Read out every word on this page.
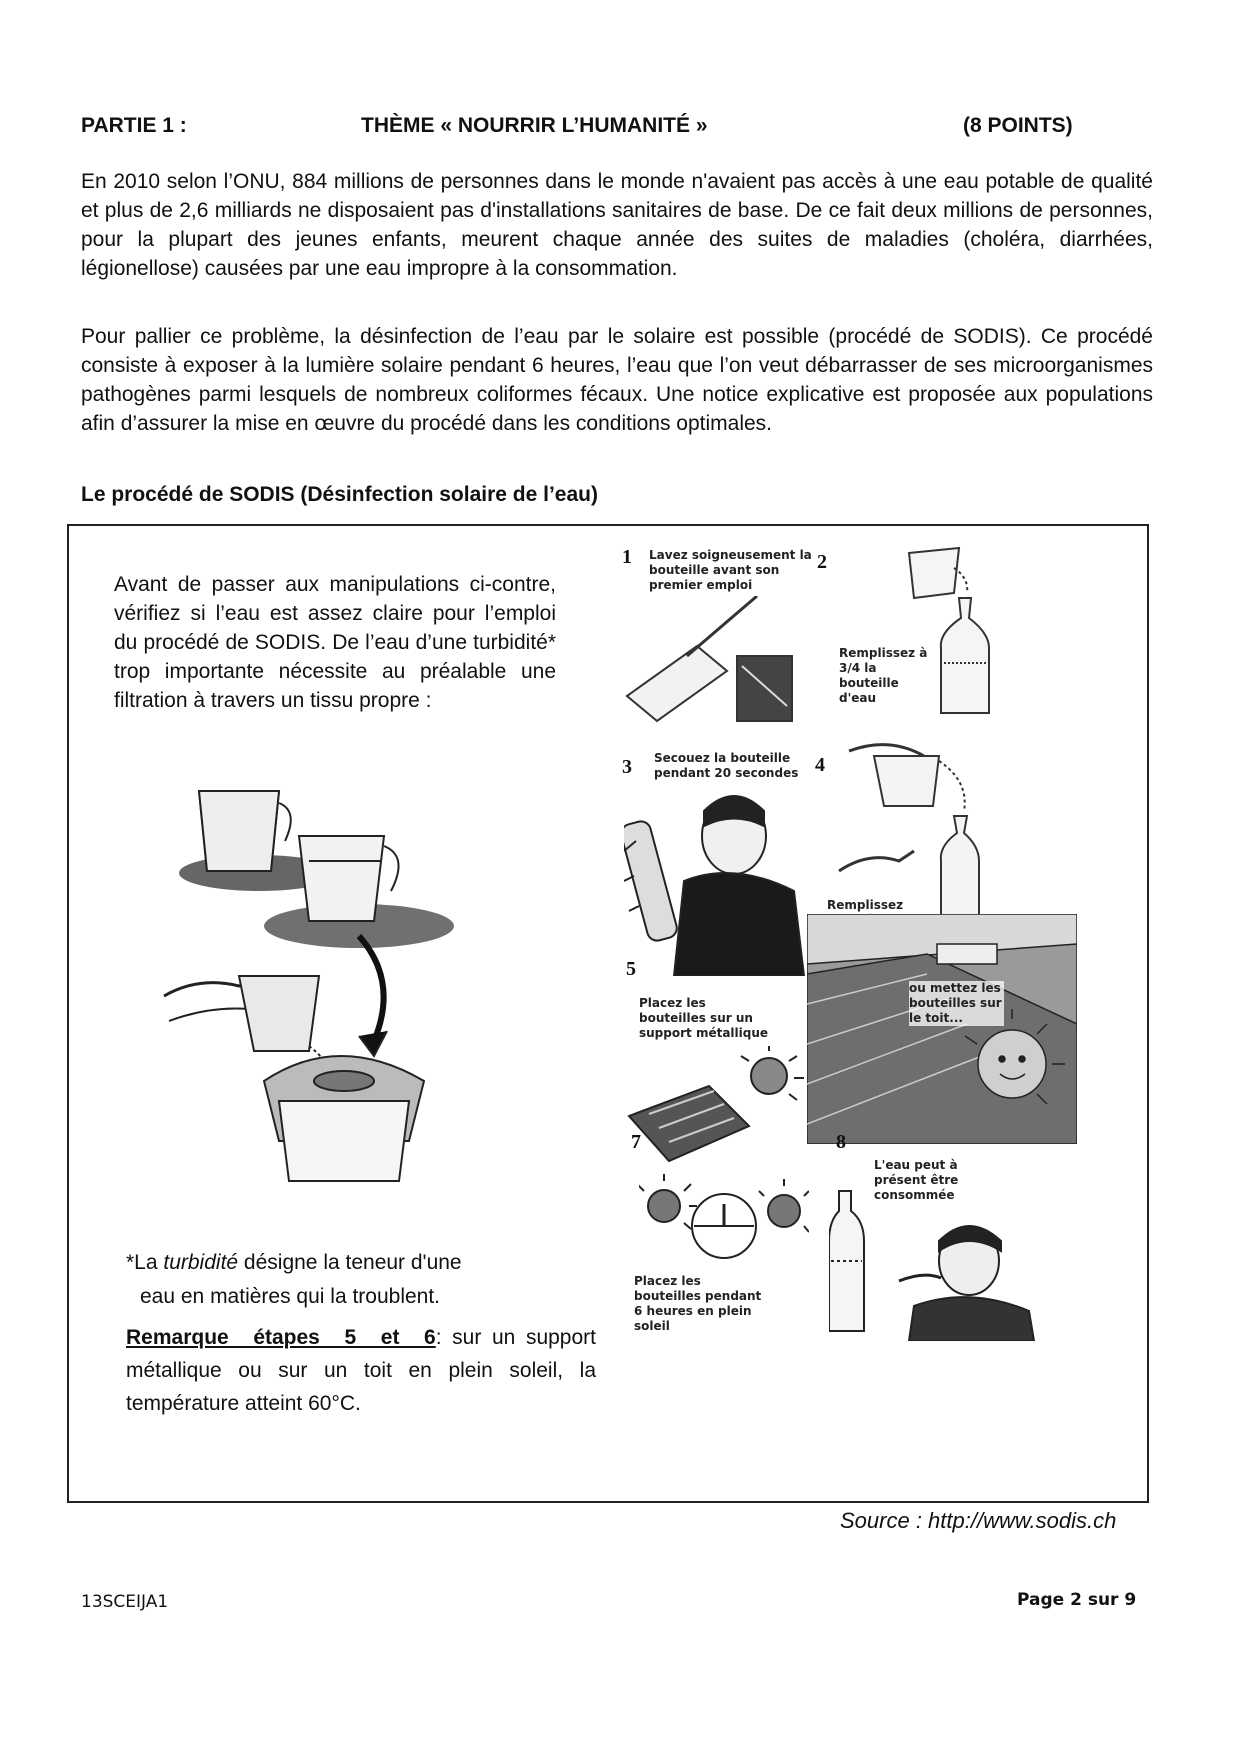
PARTIE 1 :	THÈME « NOURRIR L’HUMANITÉ »	(8 POINTS)

En 2010 selon l’ONU, 884 millions de personnes dans le monde n'avaient pas accès à une eau potable de qualité et plus de 2,6 milliards ne disposaient pas d'installations sanitaires de base. De ce fait deux millions de personnes, pour la plupart des jeunes enfants, meurent chaque année des suites de maladies (choléra, diarrhées, légionellose) causées par une eau impropre à la consommation.

Pour pallier ce problème, la désinfection de l’eau par le solaire est possible (procédé de SODIS). Ce procédé consiste à exposer à la lumière solaire pendant 6 heures, l’eau que l’on veut débarrasser de ses microorganismes pathogènes parmi lesquels de nombreux coliformes fécaux. Une notice explicative est proposée aux populations afin d’assurer la mise en œuvre du procédé dans les conditions optimales.

Le procédé de SODIS (Désinfection solaire de l’eau)

Avant de passer aux manipulations ci-contre, vérifiez si l’eau est assez claire pour l’emploi du procédé de SODIS. De l’eau d’une turbidité* trop importante nécessite au préalable une filtration à travers un tissu propre :

*La turbidité désigne la teneur d'une
eau en matières qui la troublent.
Remarque étapes 5 et 6: sur un support métallique ou sur un toit en plein soleil, la température atteint 60°C.
1 Lavez soigneusement la bouteille avant son premier emploi
2
Remplissez à 3/4 la bouteille d'eau
3 Secouez la bouteille pendant 20 secondes 4
Remplissez
5
Placez les bouteilles sur un support métallique
ou mettez les bouteilles sur le toit...
7
Placez les bouteilles pendant 6 heures en plein soleil
8
L'eau peut à présent être consommée
Source : http://www.sodis.ch
13SCEIJA1	Page 2 sur 9
